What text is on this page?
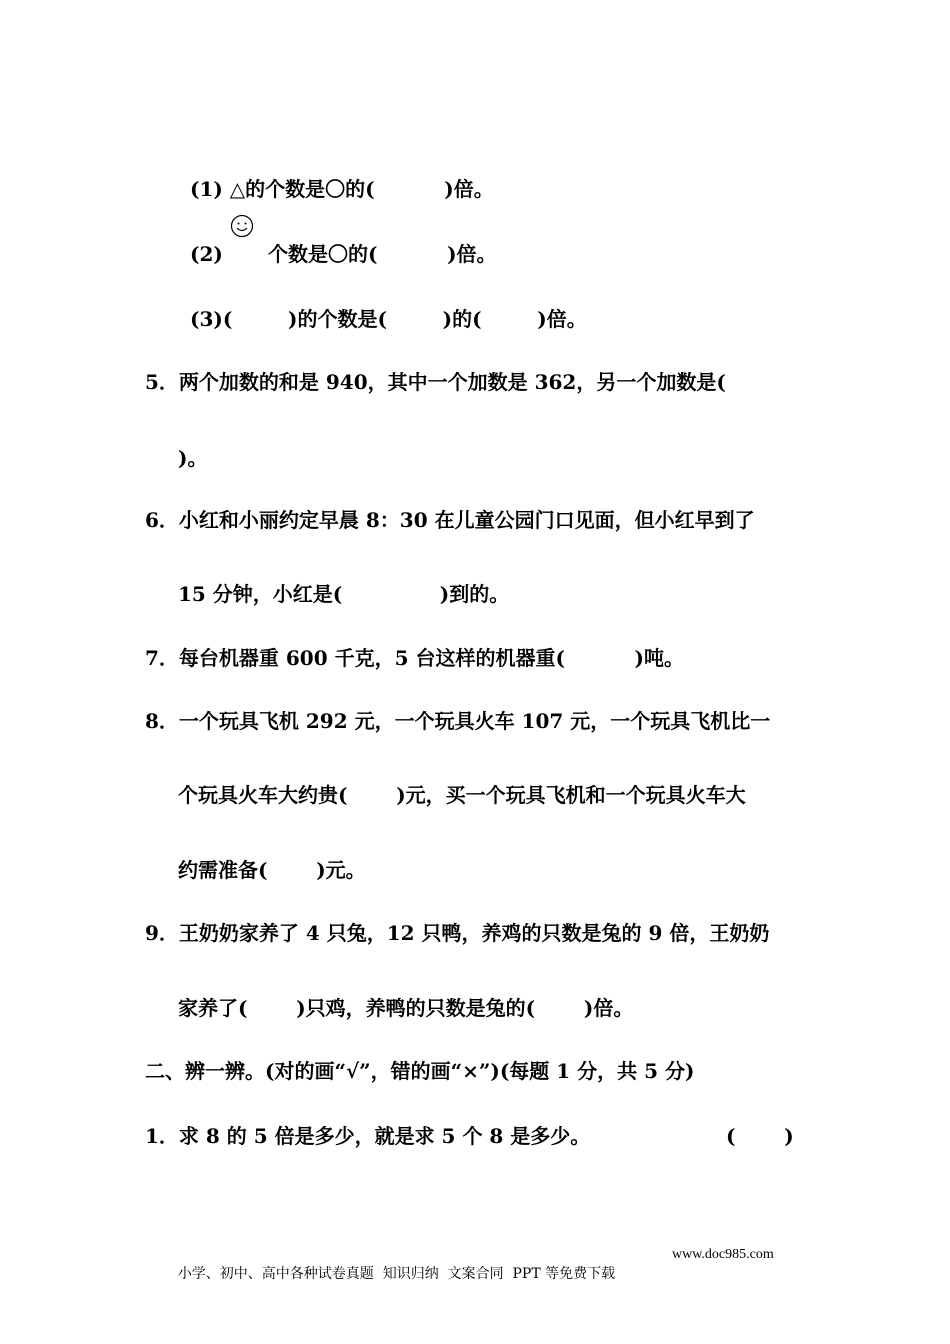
(1) △的个数是〇的(          )倍。
(2) 个数是〇的(          )倍。
(3)(        )的个数是(        )的(        )倍。
5．两个加数的和是 940，其中一个加数是 362，另一个加数是(
)。
6．小红和小丽约定早晨 8：30 在儿童公园门口见面，但小红早到了
15 分钟，小红是(              )到的。
7．每台机器重 600 千克，5 台这样的机器重(          )吨。
8．一个玩具飞机 292 元，一个玩具火车 107 元，一个玩具飞机比一
个玩具火车大约贵(       )元，买一个玩具飞机和一个玩具火车大
约需准备(       )元。
9．王奶奶家养了 4 只兔，12 只鸭，养鸡的只数是兔的 9 倍，王奶奶
家养了(       )只鸡，养鸭的只数是兔的(       )倍。
二、辨一辨。(对的画“√”，错的画“×”)(每题 1 分，共 5 分)
1．求 8 的 5 倍是多少，就是求 5 个 8 是多少。	(       )

小学、初中、高中各种试卷真题  知识归纳  文案合同  PPT 等免费下载

www.doc985.com
